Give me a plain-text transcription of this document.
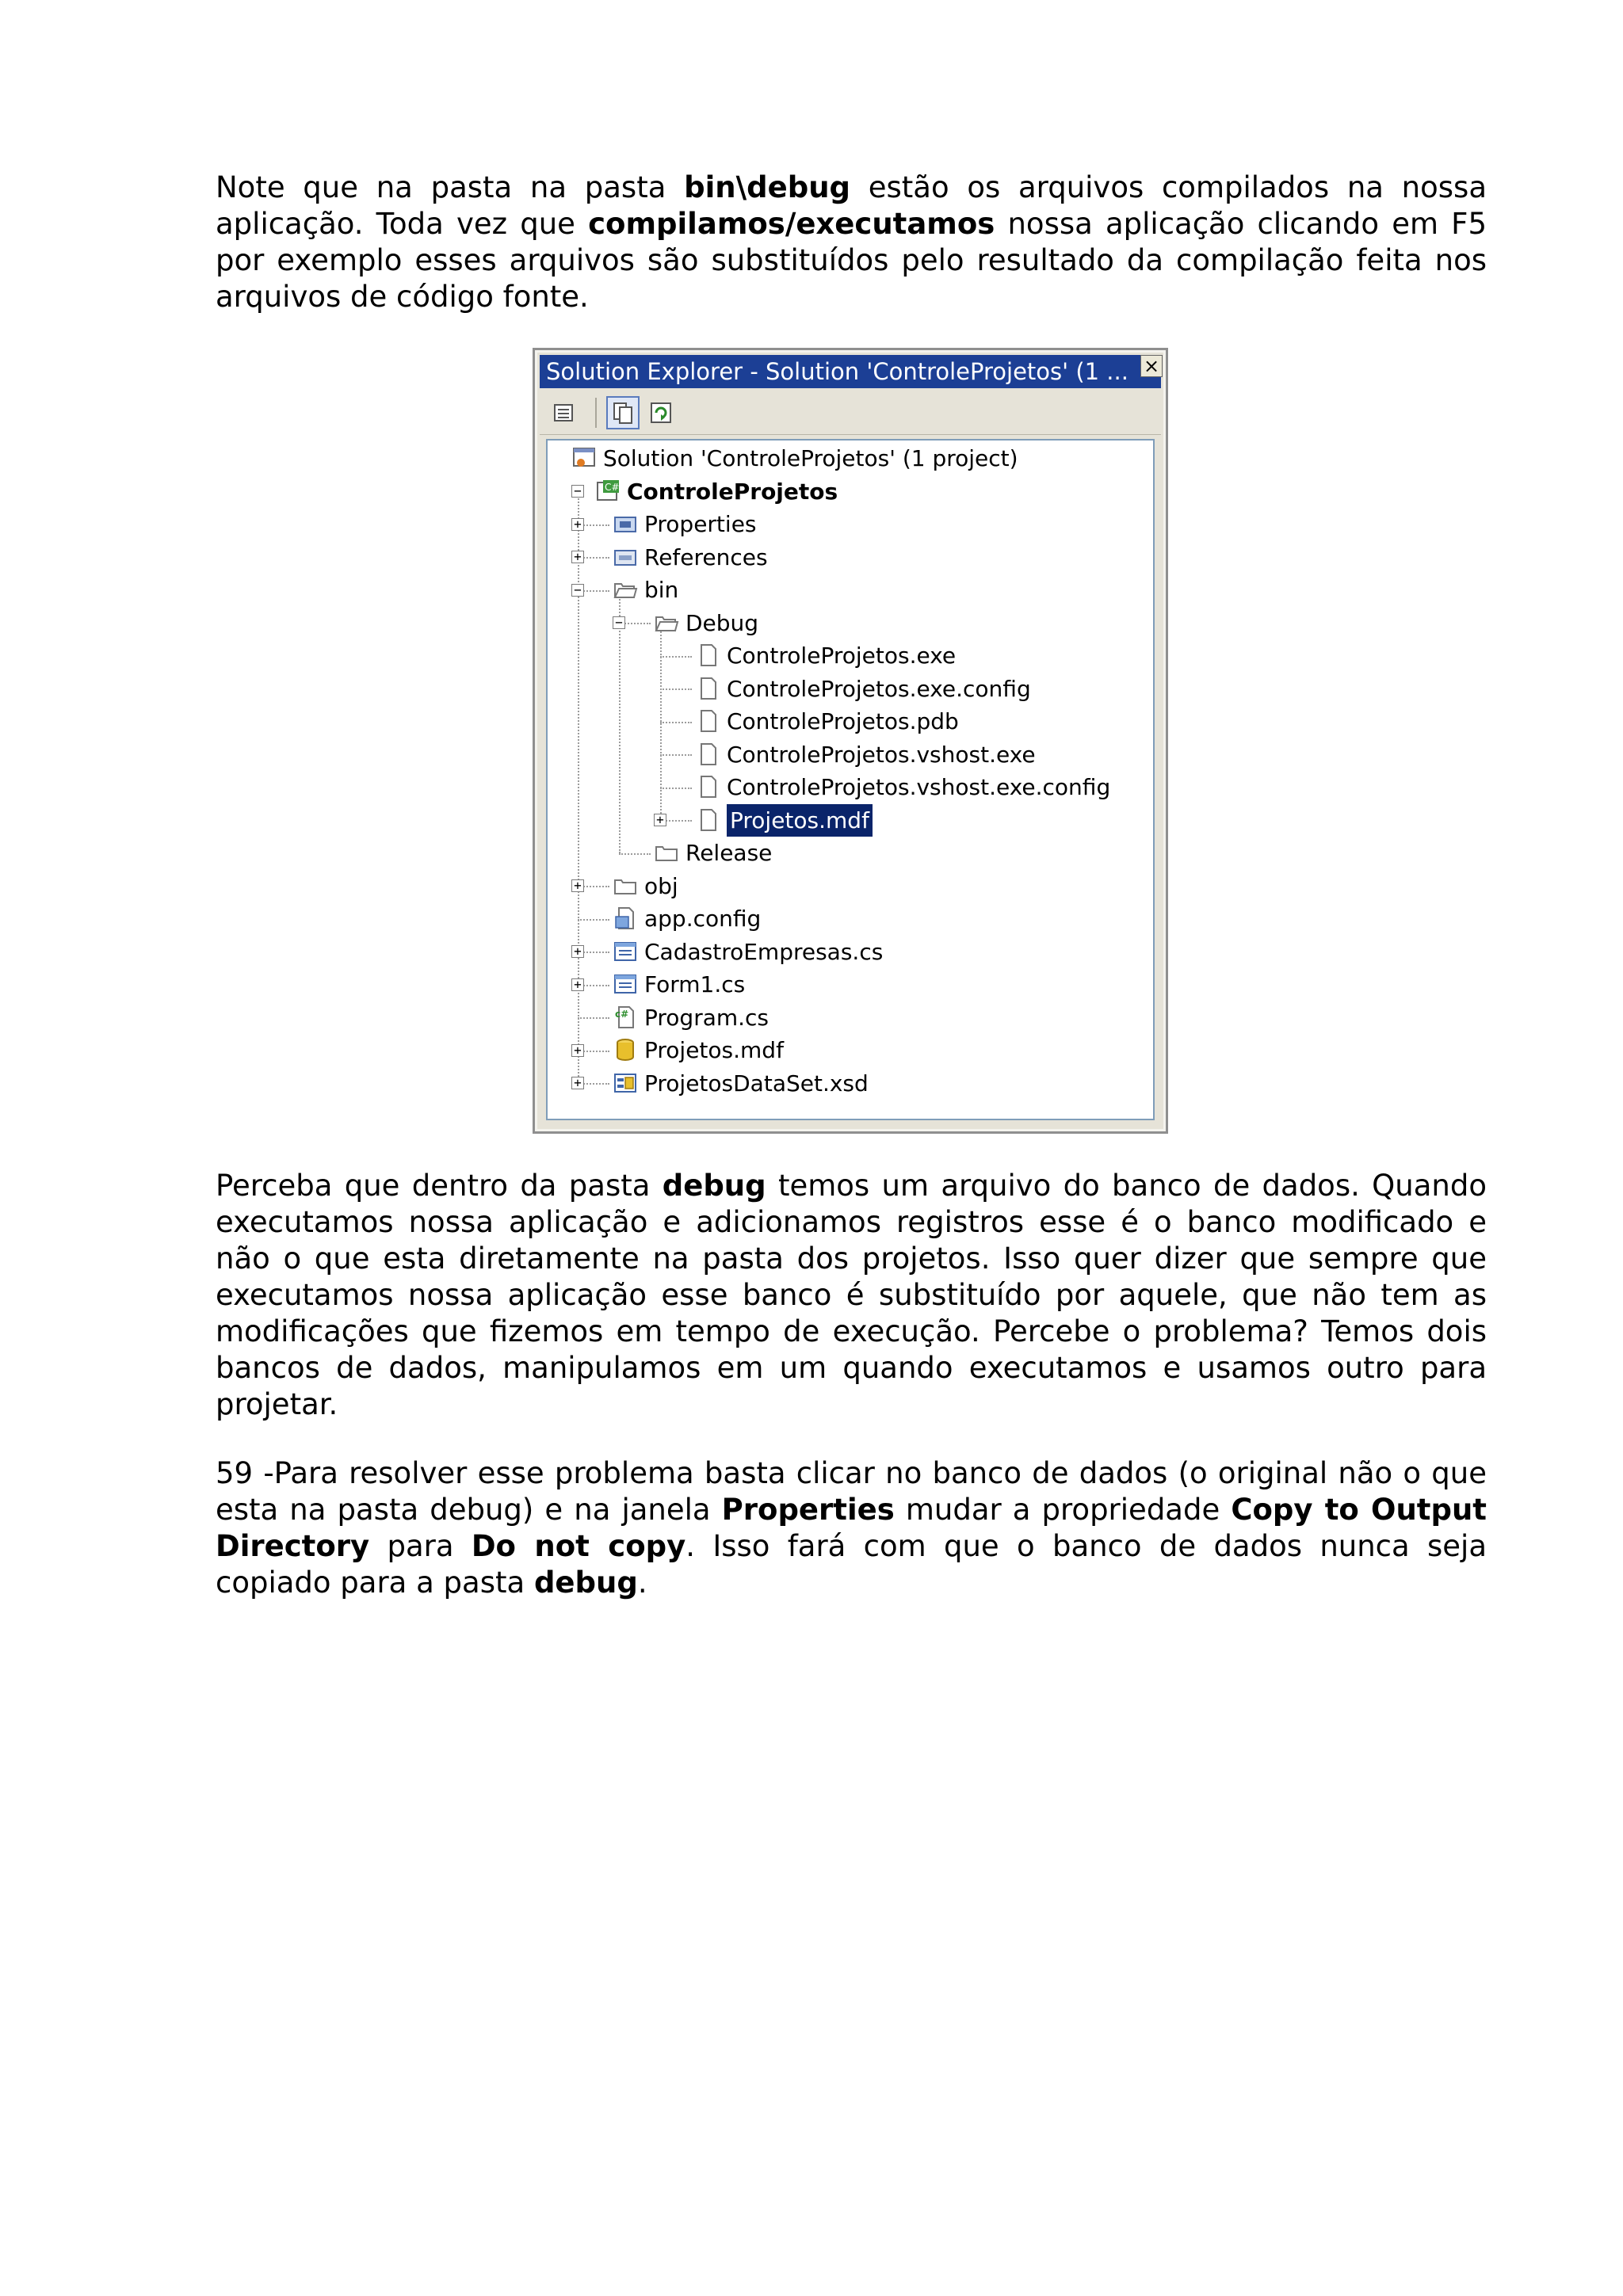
Note que na pasta na pasta bin\debug estão os arquivos compilados na nossa aplicação. Toda vez que compilamos/executamos nossa aplicação clicando em F5 por exemplo esses arquivos são substituídos pelo resultado da compilação feita nos arquivos de código fonte.

Solution Explorer - Solution 'ControleProjetos' (1 ... ×
Solution 'ControleProjetos' (1 project)
− C# ControleProjetos
+	Properties
+	References
−	bin
−	Debug
ControleProjetos.exe
ControleProjetos.exe.config
ControleProjetos.pdb
ControleProjetos.vshost.exe
ControleProjetos.vshost.exe.config
+	Projetos.mdf
Release
+	obj
app.config
+	CadastroEmpresas.cs
+	Form1.cs
c# Program.cs
+	Projetos.mdf
+	ProjetosDataSet.xsd

Perceba que dentro da pasta debug temos um arquivo do banco de dados. Quando executamos nossa aplicação e adicionamos registros esse é o banco modificado e não o que esta diretamente na pasta dos projetos. Isso quer dizer que sempre que executamos nossa aplicação esse banco é substituído por aquele, que não tem as modificações que fizemos em tempo de execução. Percebe o problema? Temos dois bancos de dados, manipulamos em um quando executamos e usamos outro para projetar.

59 -Para resolver esse problema basta clicar no banco de dados (o original não o que esta na pasta debug) e na janela Properties mudar a propriedade Copy to Output Directory para Do not copy. Isso fará com que o banco de dados nunca seja copiado para a pasta debug.
